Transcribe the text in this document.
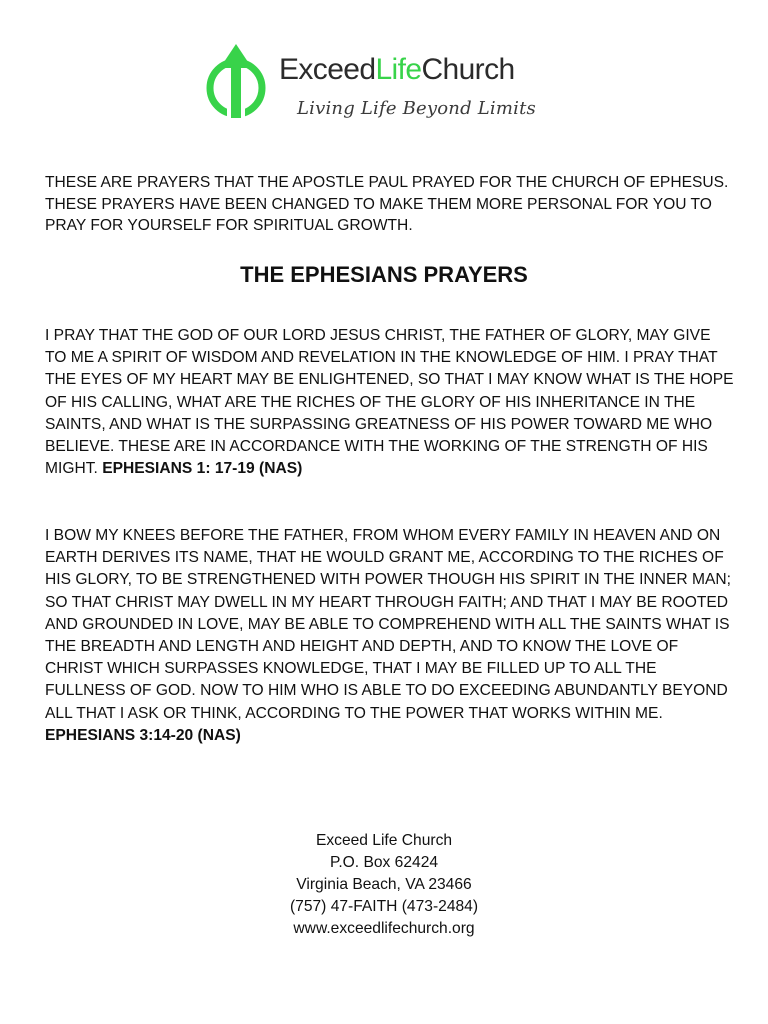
ExceedLifeChurch
Living Life Beyond Limits

THESE ARE PRAYERS THAT THE APOSTLE PAUL PRAYED FOR THE CHURCH OF EPHESUS. THESE PRAYERS HAVE BEEN CHANGED TO MAKE THEM MORE PERSONAL FOR YOU TO PRAY FOR YOURSELF FOR SPIRITUAL GROWTH.

THE EPHESIANS PRAYERS

I PRAY THAT THE GOD OF OUR LORD JESUS CHRIST, THE FATHER OF GLORY, MAY GIVE TO ME A SPIRIT OF WISDOM AND REVELATION IN THE KNOWLEDGE OF HIM. I PRAY THAT THE EYES OF MY HEART MAY BE ENLIGHTENED, SO THAT I MAY KNOW WHAT IS THE HOPE OF HIS CALLING, WHAT ARE THE RICHES OF THE GLORY OF HIS INHERITANCE IN THE SAINTS, AND WHAT IS THE SURPASSING GREATNESS OF HIS POWER TOWARD ME WHO BELIEVE. THESE ARE IN ACCORDANCE WITH THE WORKING OF THE STRENGTH OF HIS MIGHT. EPHESIANS 1: 17-19 (NAS)

I BOW MY KNEES BEFORE THE FATHER, FROM WHOM EVERY FAMILY IN HEAVEN AND ON EARTH DERIVES ITS NAME, THAT HE WOULD GRANT ME, ACCORDING TO THE RICHES OF HIS GLORY, TO BE STRENGTHENED WITH POWER THOUGH HIS SPIRIT IN THE INNER MAN; SO THAT CHRIST MAY DWELL IN MY HEART THROUGH FAITH; AND THAT I MAY BE ROOTED AND GROUNDED IN LOVE, MAY BE ABLE TO COMPREHEND WITH ALL THE SAINTS WHAT IS THE BREADTH AND LENGTH AND HEIGHT AND DEPTH, AND TO KNOW THE LOVE OF CHRIST WHICH SURPASSES KNOWLEDGE, THAT I MAY BE FILLED UP TO ALL THE FULLNESS OF GOD. NOW TO HIM WHO IS ABLE TO DO EXCEEDING ABUNDANTLY BEYOND ALL THAT I ASK OR THINK, ACCORDING TO THE POWER THAT WORKS WITHIN ME. EPHESIANS 3:14-20 (NAS)

Exceed Life Church
P.O. Box 62424
Virginia Beach, VA 23466
(757) 47-FAITH (473-2484)
www.exceedlifechurch.org
